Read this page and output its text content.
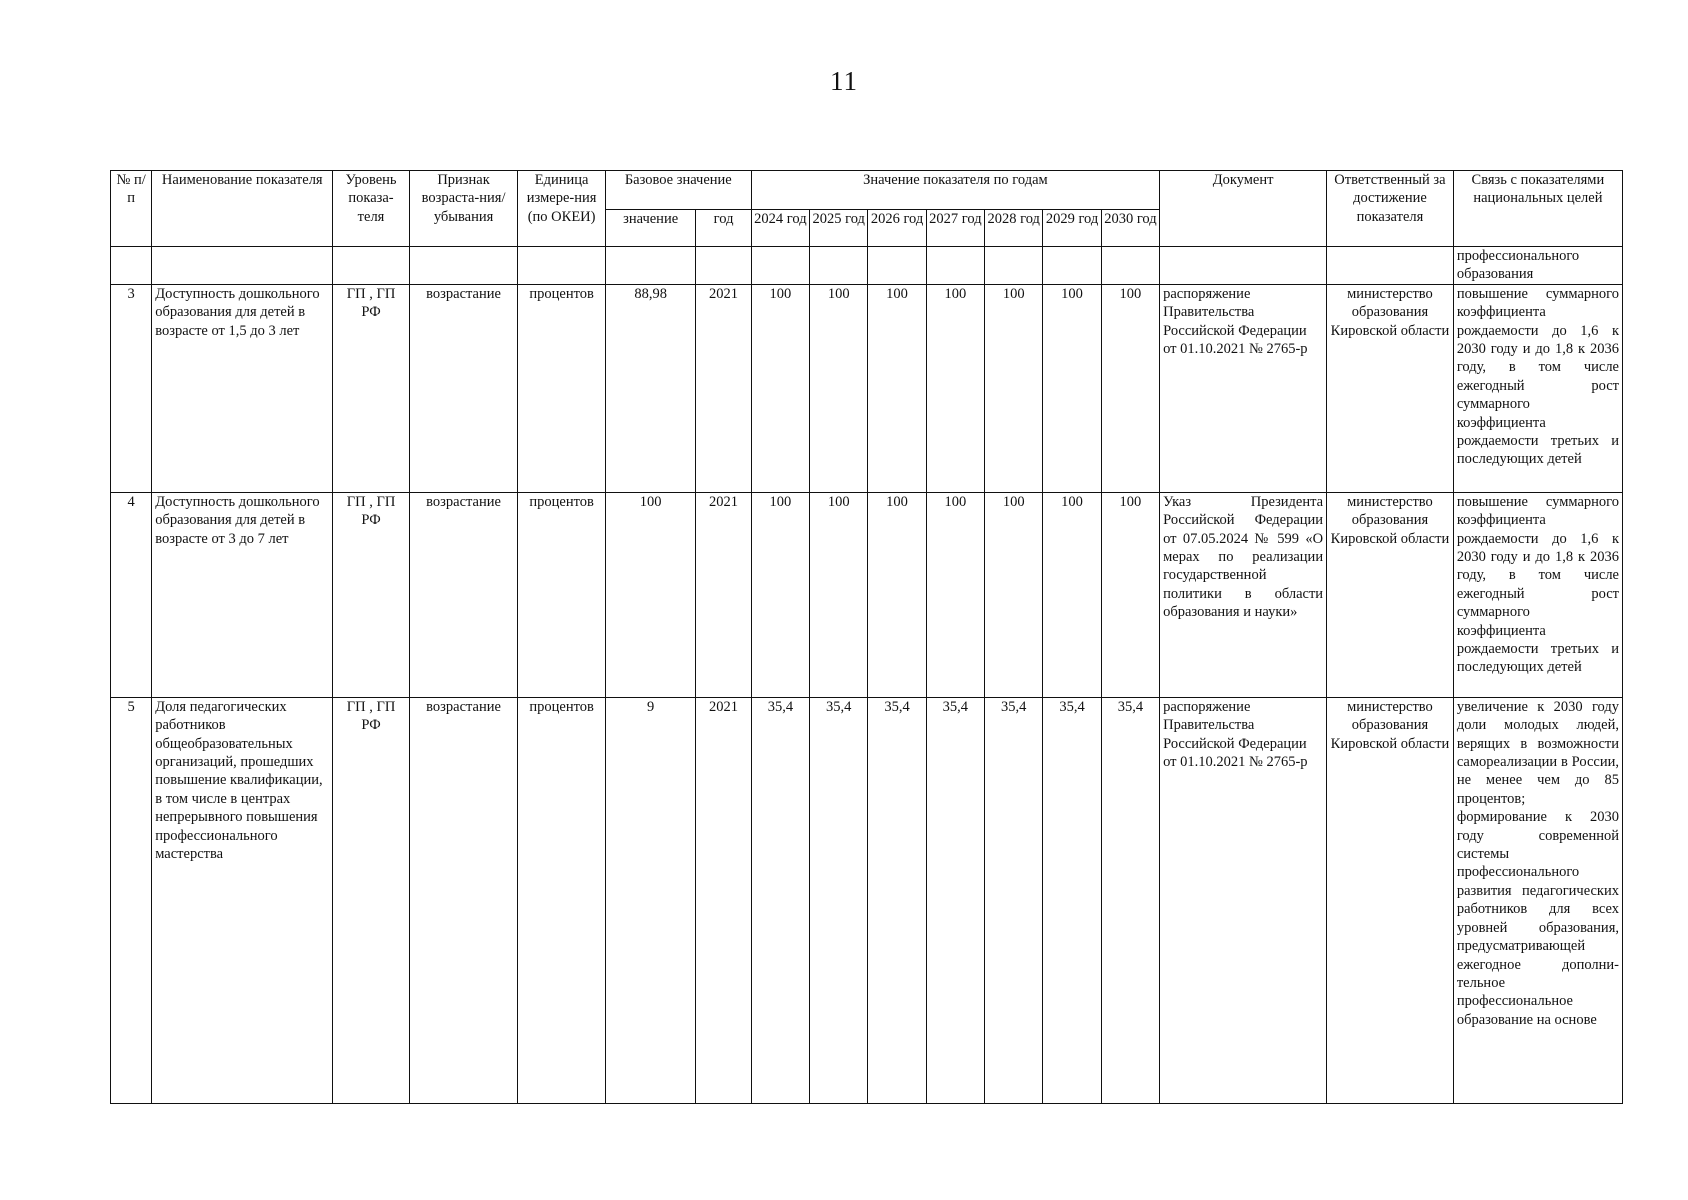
11
№ п/п	Наименование показателя	Уровень показа-теля	Признак возраста-ния/ убывания	Единица измере-ния (по ОКЕИ)	Базовое значение		Значение показателя по годам							Документ	Ответственный за достижение показателя	Связь с показателями национальных целей
					значение	год	2024 год	2025 год	2026 год	2027 год	2028 год	2029 год	2030 год			
																профессионального образования
3	Доступность дошкольного образования для детей в возрасте от 1,5 до 3 лет	ГП , ГП РФ	возрастание	процентов	88,98	2021	100	100	100	100	100	100	100	распоряжение Правительства Российской Федерации от 01.10.2021 № 2765-р	министерство образования Кировской области	повышение суммарного коэффициента рождаемости до 1,6 к 2030 году и до 1,8 к 2036 году, в том числе ежегодный рост суммарного коэффициента рождаемости третьих и последующих детей
4	Доступность дошкольного образования для детей в возрасте от 3 до 7 лет	ГП , ГП РФ	возрастание	процентов	100	2021	100	100	100	100	100	100	100	Указ Президента Российской Федерации от 07.05.2024 № 599 «О мерах по реализации государственной политики в области образования и науки»	министерство образования Кировской области	повышение суммарного коэффициента рождаемости до 1,6 к 2030 году и до 1,8 к 2036 году, в том числе ежегодный рост суммарного коэффициента рождаемости третьих и последующих детей
5	Доля педагогических работников общеобразовательных организаций, прошедших повышение квалификации, в том числе в центрах непрерывного повышения профессионального мастерства	ГП , ГП РФ	возрастание	процентов	9	2021	35,4	35,4	35,4	35,4	35,4	35,4	35,4	распоряжение Правительства Российской Федерации от 01.10.2021 № 2765-р	министерство образования Кировской области	увеличение к 2030 году доли молодых людей, верящих в возможности самореализации в России, не менее чем до 85 процентов; формирование к 2030 году современной системы профессионального развития педагогических работников для всех уровней образования, предусматривающей ежегодное дополни-тельное профессиональное образование на основе
